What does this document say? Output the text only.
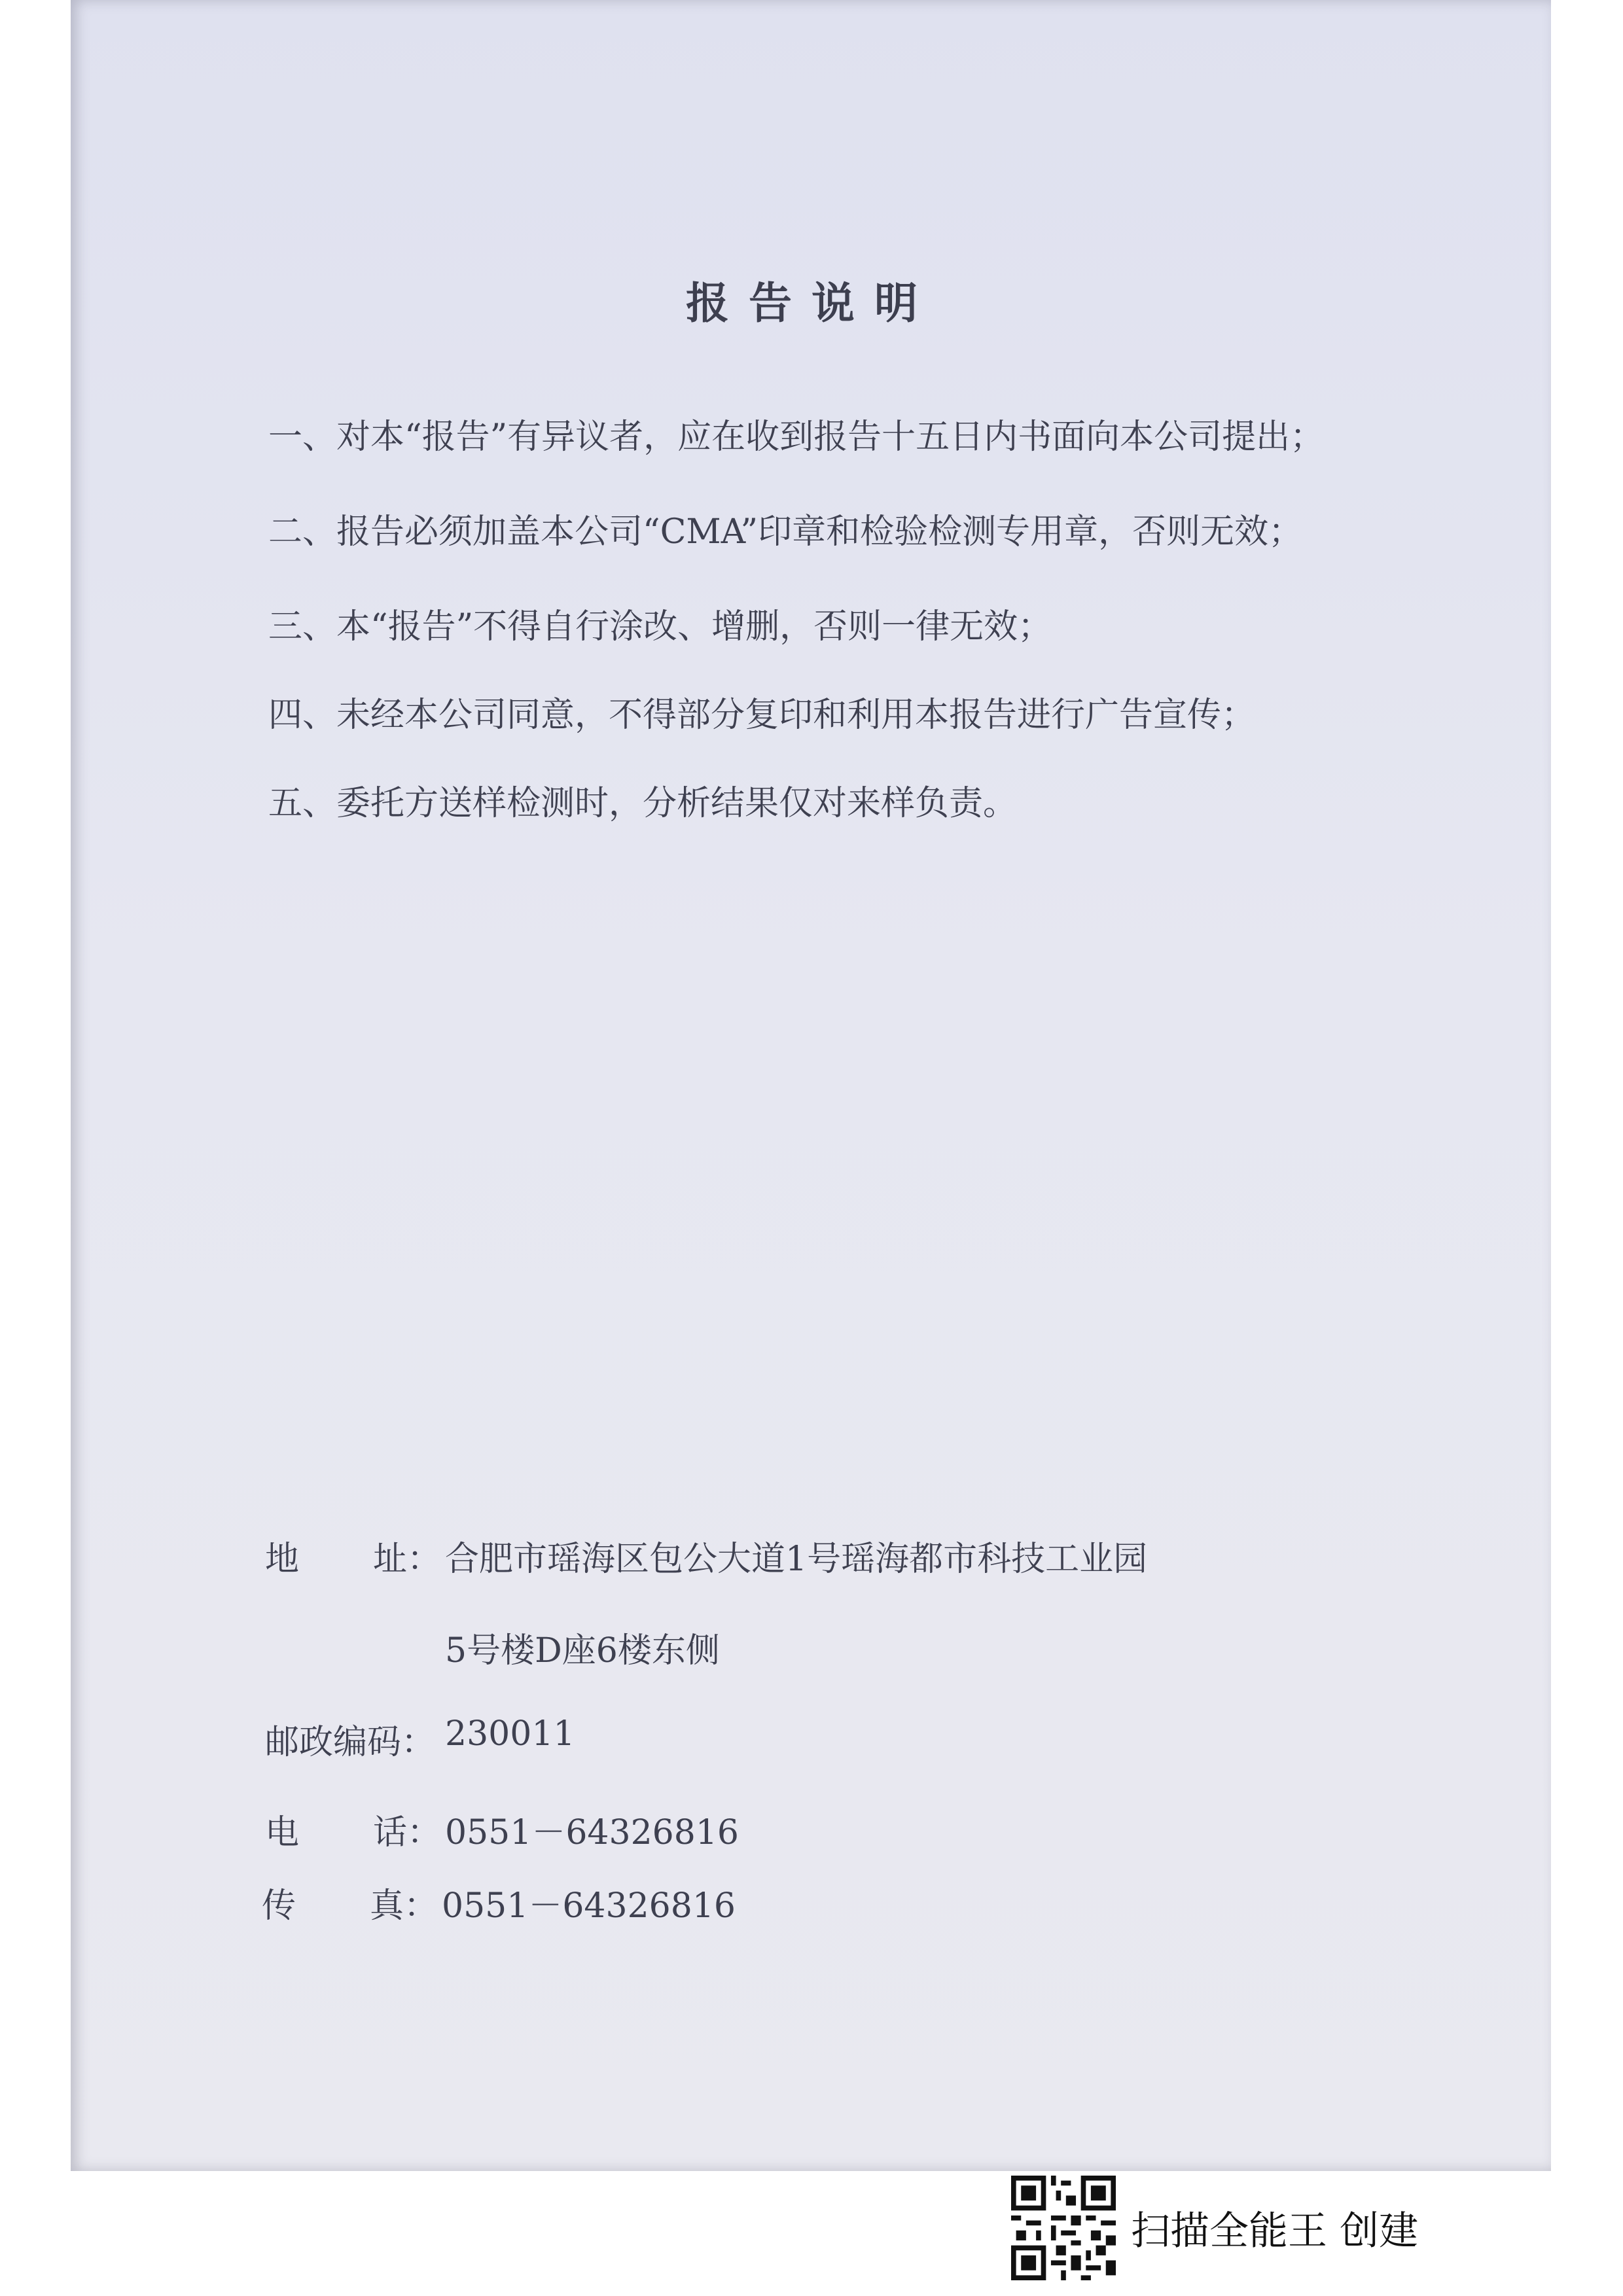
报告说明
一、对本“报告”有异议者，应在收到报告十五日内书面向本公司提出；
二、报告必须加盖本公司“CMA”印章和检验检测专用章，否则无效；
三、本“报告”不得自行涂改、增删，否则一律无效；
四、未经本公司同意，不得部分复印和利用本报告进行广告宣传；
五、委托方送样检测时，分析结果仅对来样负责。
地 址： 合肥市瑶海区包公大道1号瑶海都市科技工业园
5号楼D座6楼东侧
邮政编码： 230011
电 话： 0551－64326816
传 真： 0551－64326816
扫描全能王 创建
